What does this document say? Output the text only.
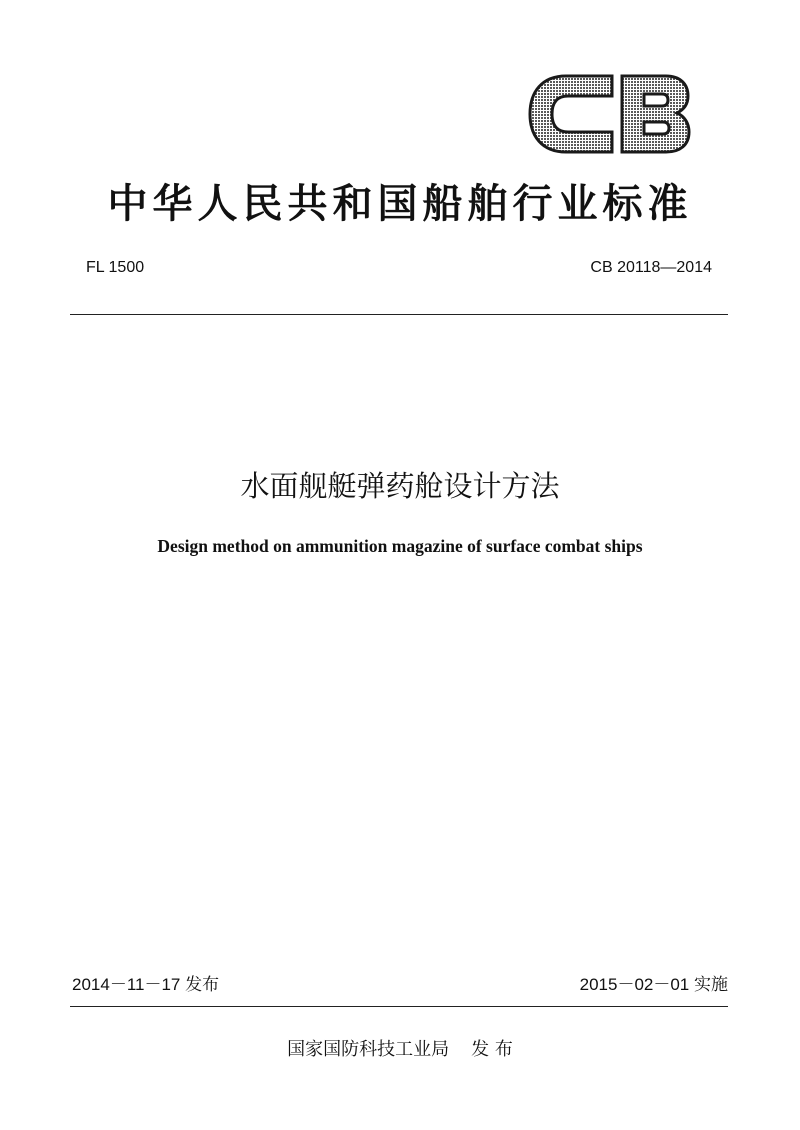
中华人民共和国船舶行业标准
FL 1500	CB 20118—2014
水面舰艇弹药舱设计方法
Design method on ammunition magazine of surface combat ships
2014－11－17 发布	2015－02－01 实施
国家国防科技工业局 发 布
